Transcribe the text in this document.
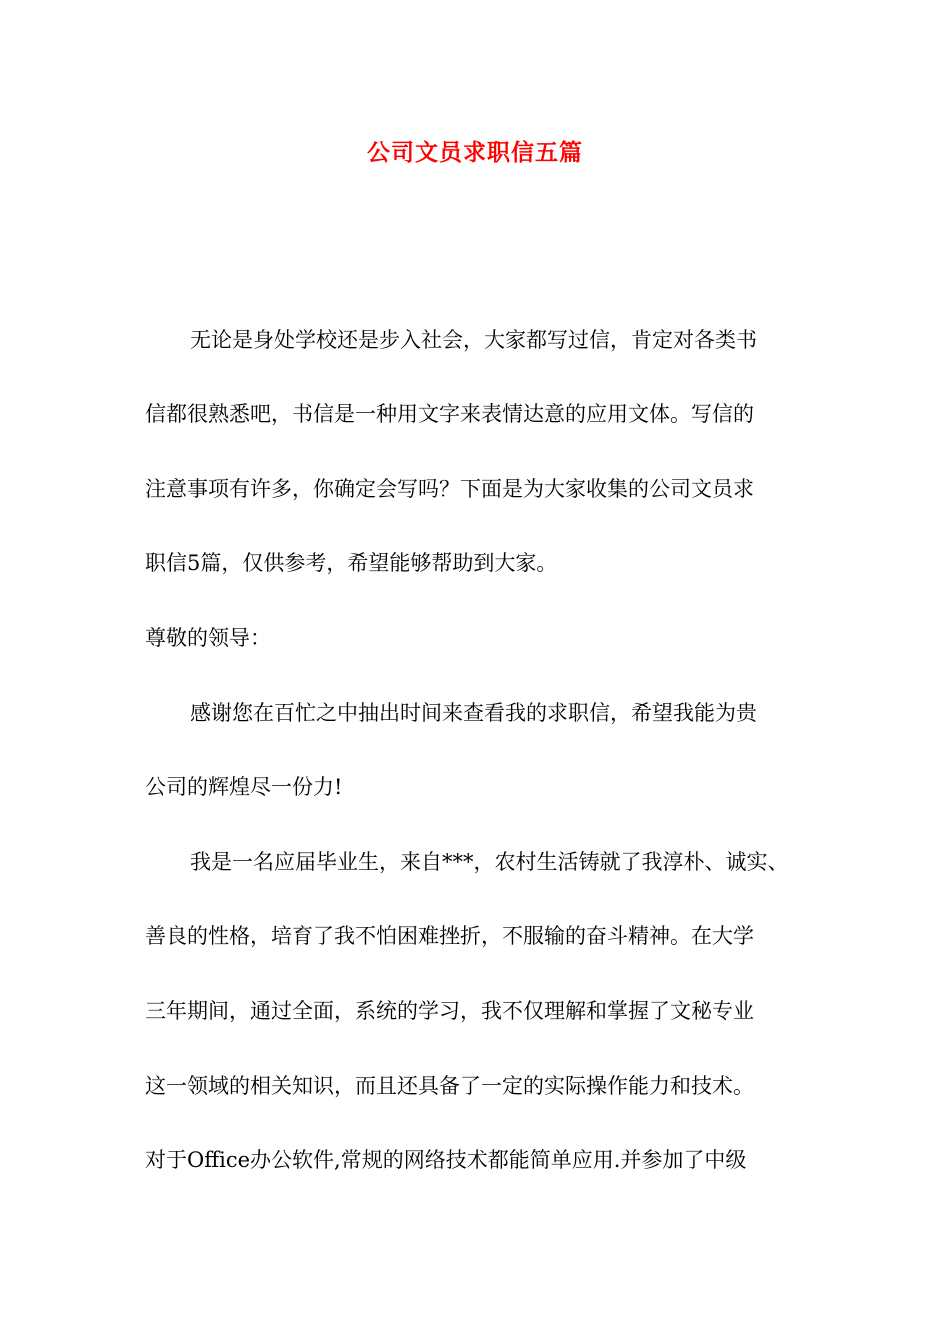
公司文员求职信五篇

无论是身处学校还是步入社会，大家都写过信，肯定对各类书

信都很熟悉吧，书信是一种用文字来表情达意的应用文体。写信的

注意事项有许多，你确定会写吗？下面是为大家收集的公司文员求

职信5篇，仅供参考，希望能够帮助到大家。

尊敬的领导：

感谢您在百忙之中抽出时间来查看我的求职信，希望我能为贵

公司的辉煌尽一份力!

我是一名应届毕业生，来自***，农村生活铸就了我淳朴、诚实、

善良的性格，培育了我不怕困难挫折，不服输的奋斗精神。在大学

三年期间，通过全面，系统的学习，我不仅理解和掌握了文秘专业

这一领域的相关知识，而且还具备了一定的实际操作能力和技术。

对于Office办公软件,常规的网络技术都能简单应用.并参加了中级
